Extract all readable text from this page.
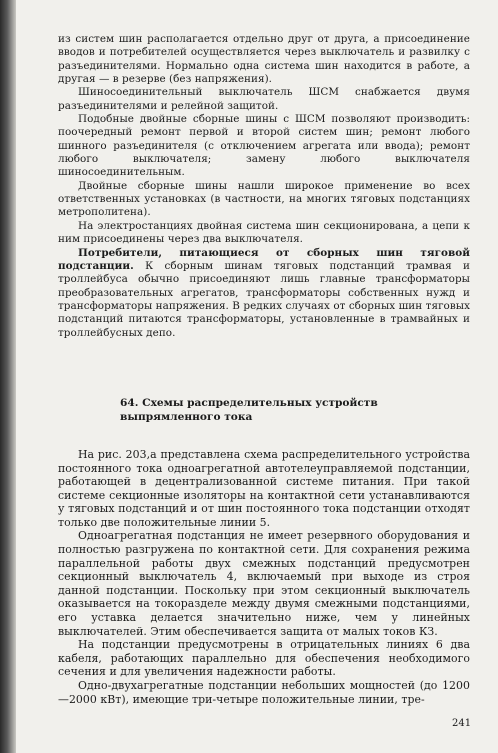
из систем шин располагается отдельно друг от друга, а присоединение вводов и потребителей осуществляется через выключатель и развилку с разъединителями. Нормально одна система шин находится в работе, а другая — в резерве (без напряжения).

Шиносоединительный выключатель ШСМ снабжается двумя разъединителями и релейной защитой.

Подобные двойные сборные шины с ШСМ позволяют производить: поочередный ремонт первой и второй систем шин; ремонт любого шинного разъединителя (с отключением агрегата или ввода); ремонт любого выключателя; замену любого выключателя шиносоединительным.

Двойные сборные шины нашли широкое применение во всех ответственных установках (в частности, на многих тяговых подстанциях метрополитена).

На электростанциях двойная система шин секционирована, а цепи к ним присоединены через два выключателя.

Потребители, питающиеся от сборных шин тяговой подстанции. К сборным шинам тяговых подстанций трамвая и троллейбуса обычно присоединяют лишь главные трансформаторы преобразовательных агрегатов, трансформаторы собственных нужд и трансформаторы напряжения. В редких случаях от сборных шин тяговых подстанций питаются трансформаторы, установленные в трамвайных и троллейбусных депо.

64. Схемы распределительных устройств
выпрямленного тока

На рис. 203,а представлена схема распределительного устройства постоянного тока одноагрегатной автотелеуправляемой подстанции, работающей в децентрализованной системе питания. При такой системе секционные изоляторы на контактной сети устанавливаются у тяговых подстанций и от шин постоянного тока подстанции отходят только две положительные линии 5.

Одноагрегатная подстанция не имеет резервного оборудования и полностью разгружена по контактной сети. Для сохранения режима параллельной работы двух смежных подстанций предусмотрен секционный выключатель 4, включаемый при выходе из строя данной подстанции. Поскольку при этом секционный выключатель оказывается на токоразделе между двумя смежными подстанциями, его уставка делается значительно ниже, чем у линейных выключателей. Этим обеспечивается защита от малых токов КЗ.

На подстанции предусмотрены в отрицательных линиях 6 два кабеля, работающих параллельно для обеспечения необходимого сечения и для увеличения надежности работы.

Одно-двухагрегатные подстанции небольших мощностей (до 1200—2000 кВт), имеющие три-четыре положительные линии, тре-

241
